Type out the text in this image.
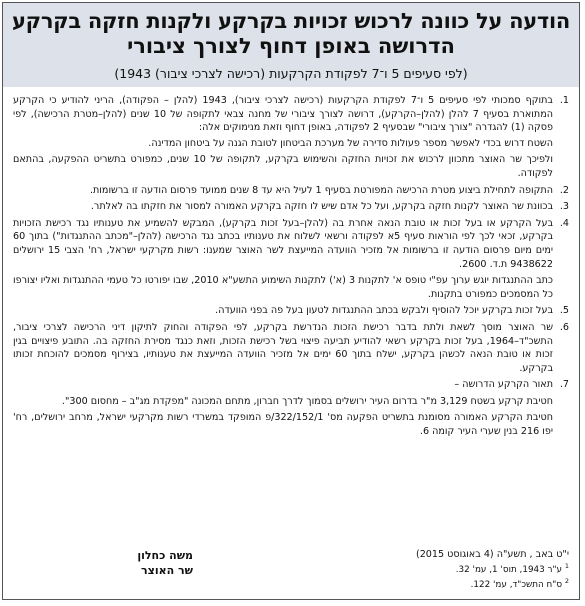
הודעה על כוונה לרכוש זכויות בקרקע ולקנות חזקה בקרקע
הדרושה באופן דחוף לצורך ציבורי
(לפי סעיפים 5 ו־7 לפקודת הקרקעות (רכישה לצרכי ציבור) 1943)
1.
בתוקף סמכותי לפי סעיפים 5 ו־7 לפקודת הקרקעות (רכישה לצרכי ציבור), 1943 (להלן – הפקודה), הריני להודיע כי הקרקע המתוארת בסעיף 7 להלן (להלן–הקרקע), דרושה לצורך ציבורי של מחנה צבאי לתקופה של 10 שנים (להלן–מטרת הרכישה), לפי פסקה (1) להגדרה "צורך ציבורי" שבסעיף 2 לפקודה, באופן דחוף וזאת מנימוקים אלה:
השטח דרוש בכדי לאפשר מספר פעולות סדירה של מערכת הביטחון לטובת הגנה על ביטחון המדינה.
ולפיכך שר האוצר מתכוון לרכוש את זכויות החזקה והשימוש בקרקע, לתקופה של 10 שנים, כמפורט בתשריט ההפקעה, בהתאם לפקודה.
2.
התקופה לתחילת ביצוע מטרת הרכישה המפורטת בסעיף 1 לעיל היא עד 8 שנים ממועד פרסום הודעה זו ברשומות.
3.
בכוונת שר האוצר לקנות חזקה בקרקע, ועל כל אדם שיש לו חזקה בקרקע האמורה למסור את חזקתו בה לאלתר.
4.
בעל הקרקע או בעל זכות או טובת הנאה אחרת בה (להלן–בעל זכות בקרקע), המבקש להשמיע את טענותיו נגד רכישת הזכויות בקרקע, זכאי לכך לפי הוראות סעיף 5א לפקודה ורשאי לשלוח את טענותיו בכתב נגד הרכישה (להלן–"מכתב ההתנגדות") בתוך 60 ימים מיום פרסום הודעה זו ברשומות אל מזכיר הוועדה המייעצת לשר האוצר שמענו: רשות מקרקעי ישראל, רח' הצבי 15 ירושלים 9438622 ת.ד. 2600.
כתב ההתנגדות יוגש ערוך עפ"י טופס א' לתקנות 3 (א') לתקנות השימוע התשע"א 2010, שבו יפורטו כל טעמי ההתנגדות ואליו יצורפו כל המסמכים כמפורט בתקנות.
5.
בעל זכות בקרקע יוכל להוסיף ולבקש בכתב ההתנגדות לטעון בעל פה בפני הוועדה.
6.
שר האוצר מוסך לשאת ולתת בדבר רכישת הזכות הנדרשת בקרקע, לפי הפקודה והחוק לתיקון דיני הרכישה לצרכי ציבור, התשכ"ד–1964, בעל זכות בקרקע רשאי להודיע תביעה פיצוי בשל רכישת הזכות, וזאת כנגד מסירת החזקה בה. התובע פיצויים בגין זכות או טובת הנאה לכשהן בקרקע, ישלח בתוך 60 ימים אל מזכיר הוועדה המייעצת את טענותיו, בצירוף מסמכים להוכחת זכותו בקרקע.
7.
תאור הקרקע הדרושה –
חטיבת קרקע בשטח 3,129 מ"ר בדרום העיר ירושלים בסמוך לדרך חברון, מתחם המכונה "מפקדת מג"ב – מחסום 300".
חטיבת הקרקע האמורה מסומנת בתשריט הפקעה מס' 322/152/1/פ המופקד במשרדי רשות מקרקעי ישראל, מרחב ירושלים, רח' יפו 216 בנין שערי העיר קומה 6.
י"ט באב , תשע"ה (4 באוגוסט 2015)
$^1$ ע"ר 1943, תוס' 1, עמ' 32.
$^2$ ס"ח התשכ"ד, עמ' 122.
משה כחלון
שר האוצר
